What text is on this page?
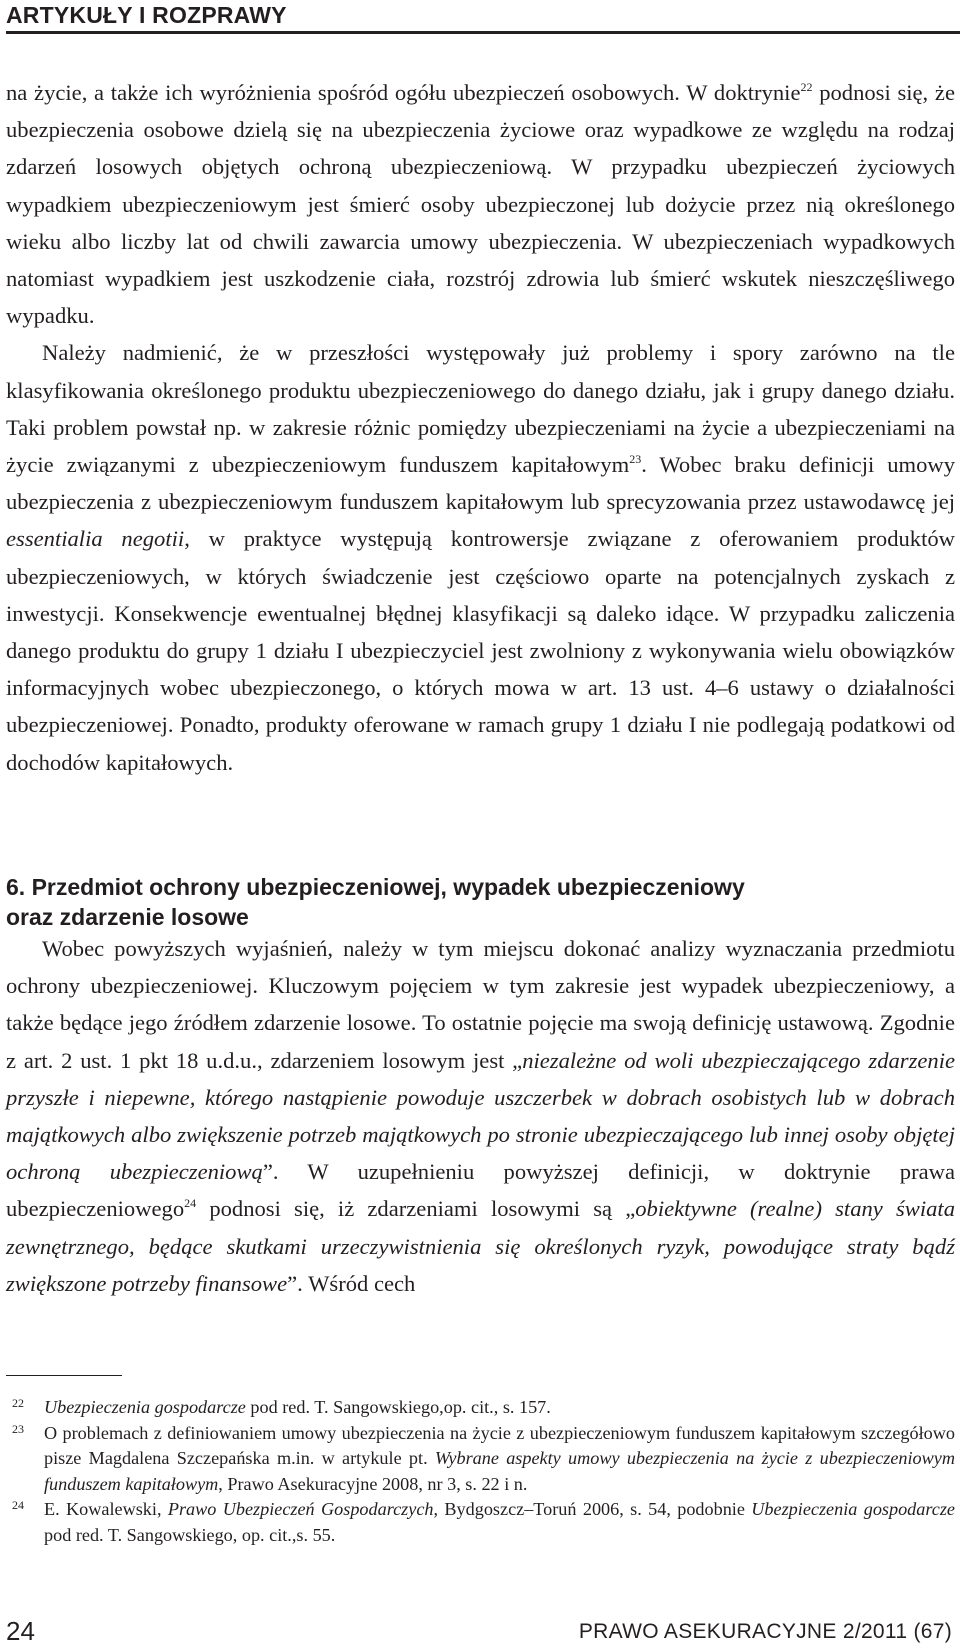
ARTYKUŁY I ROZPRAWY

na życie, a także ich wyróżnienia spośród ogółu ubezpieczeń osobowych. W doktrynie$^{22}$ podnosi się, że ubezpieczenia osobowe dzielą się na ubezpieczenia życiowe oraz wypadkowe ze względu na rodzaj zdarzeń losowych objętych ochroną ubezpieczeniową. W przypadku ubezpieczeń życiowych wypadkiem ubezpieczeniowym jest śmierć osoby ubezpieczonej lub dożycie przez nią określonego wieku albo liczby lat od chwili zawarcia umowy ubezpieczenia. W ubezpieczeniach wypadkowych natomiast wypadkiem jest uszkodzenie ciała, rozstrój zdrowia lub śmierć wskutek nieszczęśliwego wypadku.

Należy nadmienić, że w przeszłości występowały już problemy i spory zarówno na tle klasyfikowania określonego produktu ubezpieczeniowego do danego działu, jak i grupy danego działu. Taki problem powstał np. w zakresie różnic pomiędzy ubezpieczeniami na życie a ubezpieczeniami na życie związanymi z ubezpieczeniowym funduszem kapitałowym$^{23}$. Wobec braku definicji umowy ubezpieczenia z ubezpieczeniowym funduszem kapitałowym lub sprecyzowania przez ustawodawcę jej essentialia negotii, w praktyce występują kontrowersje związane z oferowaniem produktów ubezpieczeniowych, w których świadczenie jest częściowo oparte na potencjalnych zyskach z inwestycji. Konsekwencje ewentualnej błędnej klasyfikacji są daleko idące. W przypadku zaliczenia danego produktu do grupy 1 działu I ubezpieczyciel jest zwolniony z wykonywania wielu obowiązków informacyjnych wobec ubezpieczonego, o których mowa w art. 13 ust. 4–6 ustawy o działalności ubezpieczeniowej. Ponadto, produkty oferowane w ramach grupy 1 działu I nie podlegają podatkowi od dochodów kapitałowych.

6. Przedmiot ochrony ubezpieczeniowej, wypadek ubezpieczeniowy
oraz zdarzenie losowe

Wobec powyższych wyjaśnień, należy w tym miejscu dokonać analizy wyznaczania przedmiotu ochrony ubezpieczeniowej. Kluczowym pojęciem w tym zakresie jest wypadek ubezpieczeniowy, a także będące jego źródłem zdarzenie losowe. To ostatnie pojęcie ma swoją definicję ustawową. Zgodnie z art. 2 ust. 1 pkt 18 u.d.u., zdarzeniem losowym jest „niezależne od woli ubezpieczającego zdarzenie przyszłe i niepewne, którego nastąpienie powoduje uszczerbek w dobrach osobistych lub w dobrach majątkowych albo zwiększenie potrzeb majątkowych po stronie ubezpieczającego lub innej osoby objętej ochroną ubezpieczeniową”. W uzupełnieniu powyższej definicji, w doktrynie prawa ubezpieczeniowego$^{24}$ podnosi się, iż zdarzeniami losowymi są „obiektywne (realne) stany świata zewnętrznego, będące skutkami urzeczywistnienia się określonych ryzyk, powodujące straty bądź zwiększone potrzeby finansowe”. Wśród cech

22 Ubezpieczenia gospodarcze pod red. T. Sangowskiego,op. cit., s. 157.
23 O problemach z definiowaniem umowy ubezpieczenia na życie z ubezpieczeniowym funduszem kapitałowym szczegółowo pisze Magdalena Szczepańska m.in. w artykule pt. Wybrane aspekty umowy ubezpieczenia na życie z ubezpieczeniowym funduszem kapitałowym, Prawo Asekuracyjne 2008, nr 3, s. 22 i n.
24 E. Kowalewski, Prawo Ubezpieczeń Gospodarczych, Bydgoszcz–Toruń 2006, s. 54, podobnie Ubezpieczenia gospodarcze pod red. T. Sangowskiego, op. cit.,s. 55.
24	PRAWO ASEKURACYJNE 2/2011 (67)
